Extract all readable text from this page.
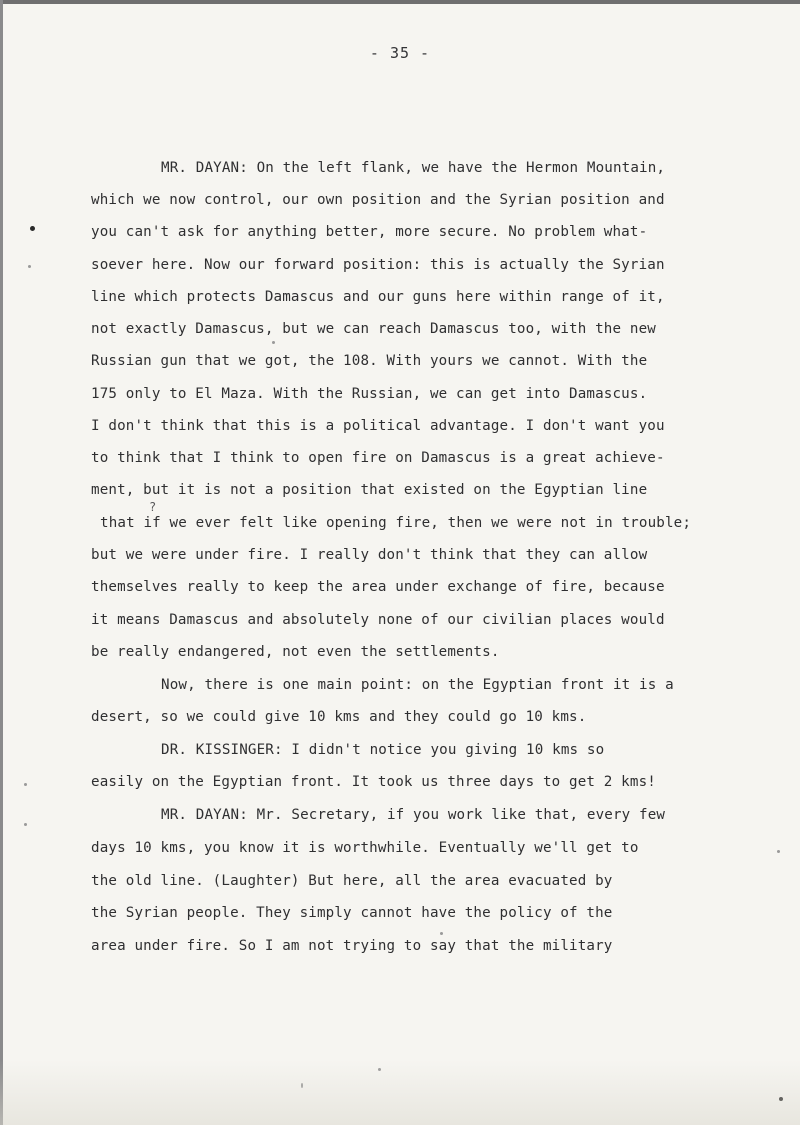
- 35 -
MR. DAYAN: On the left flank, we have the Hermon Mountain,
which we now control, our own position and the Syrian position and
you can't ask for anything better, more secure. No problem what-
soever here. Now our forward position: this is actually the Syrian
line which protects Damascus and our guns here within range of it,
not exactly Damascus, but we can reach Damascus too, with the new
Russian gun that we got, the 108. With yours we cannot. With the
175 only to El Maza. With the Russian, we can get into Damascus.
I don't think that this is a political advantage. I don't want you
to think that I think to open fire on Damascus is a great achieve-
ment, but it is not a position that existed on the Egyptian line
?
that if we ever felt like opening fire, then we were not in trouble;
but we were under fire. I really don't think that they can allow
themselves really to keep the area under exchange of fire, because
it means Damascus and absolutely none of our civilian places would
be really endangered, not even the settlements.
Now, there is one main point: on the Egyptian front it is a
desert, so we could give 10 kms and they could go 10 kms.
DR. KISSINGER: I didn't notice you giving 10 kms so
easily on the Egyptian front. It took us three days to get 2 kms!
MR. DAYAN: Mr. Secretary, if you work like that, every few
days 10 kms, you know it is worthwhile. Eventually we'll get to
the old line. (Laughter) But here, all the area evacuated by
the Syrian people. They simply cannot have the policy of the
area under fire. So I am not trying to say that the military
